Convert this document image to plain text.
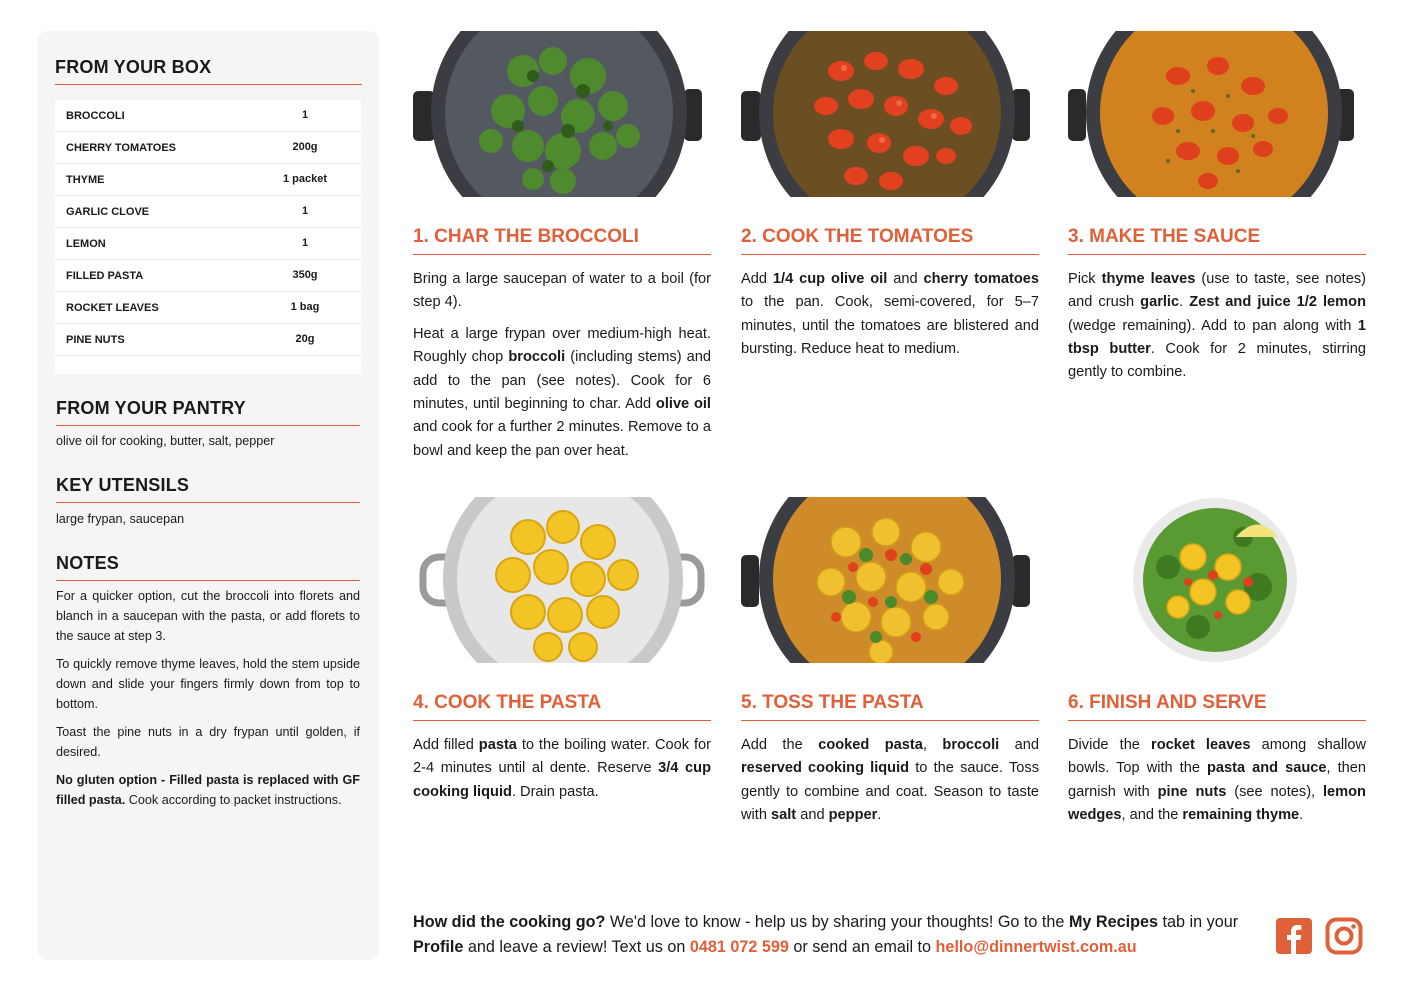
FROM YOUR BOX
BROCCOLI	1
CHERRY TOMATOES	200g
THYME	1 packet
GARLIC CLOVE	1
LEMON	1
FILLED PASTA	350g
ROCKET LEAVES	1 bag
PINE NUTS	20g
FROM YOUR PANTRY
olive oil for cooking, butter, salt, pepper
KEY UTENSILS
large frypan, saucepan
NOTES

For a quicker option, cut the broccoli into florets and blanch in a saucepan with the pasta, or add florets to the sauce at step 3.

To quickly remove thyme leaves, hold the stem upside down and slide your fingers firmly down from top to bottom.

Toast the pine nuts in a dry frypan until golden, if desired.

No gluten option - Filled pasta is replaced with GF filled pasta. Cook according to packet instructions.

1. CHAR THE BROCCOLI

Bring a large saucepan of water to a boil (for step 4).

Heat a large frypan over medium-high heat. Roughly chop broccoli (including stems) and add to the pan (see notes). Cook for 6 minutes, until beginning to char. Add olive oil and cook for a further 2 minutes. Remove to a bowl and keep the pan over heat.

2. COOK THE TOMATOES

Add 1/4 cup olive oil and cherry tomatoes to the pan. Cook, semi-covered, for 5–7 minutes, until the tomatoes are blistered and bursting. Reduce heat to medium.

3. MAKE THE SAUCE

Pick thyme leaves (use to taste, see notes) and crush garlic. Zest and juice 1/2 lemon (wedge remaining). Add to pan along with 1 tbsp butter. Cook for 2 minutes, stirring gently to combine.

4. COOK THE PASTA

Add filled pasta to the boiling water. Cook for 2-4 minutes until al dente. Reserve 3/4 cup cooking liquid. Drain pasta.

5. TOSS THE PASTA

Add the cooked pasta, broccoli and reserved cooking liquid to the sauce. Toss gently to combine and coat. Season to taste with salt and pepper.

6. FINISH AND SERVE

Divide the rocket leaves among shallow bowls. Top with the pasta and sauce, then garnish with pine nuts (see notes), lemon wedges, and the remaining thyme.

How did the cooking go? We'd love to know - help us by sharing your thoughts! Go to the My Recipes tab in your Profile and leave a review! Text us on 0481 072 599 or send an email to hello@dinnertwist.com.au
